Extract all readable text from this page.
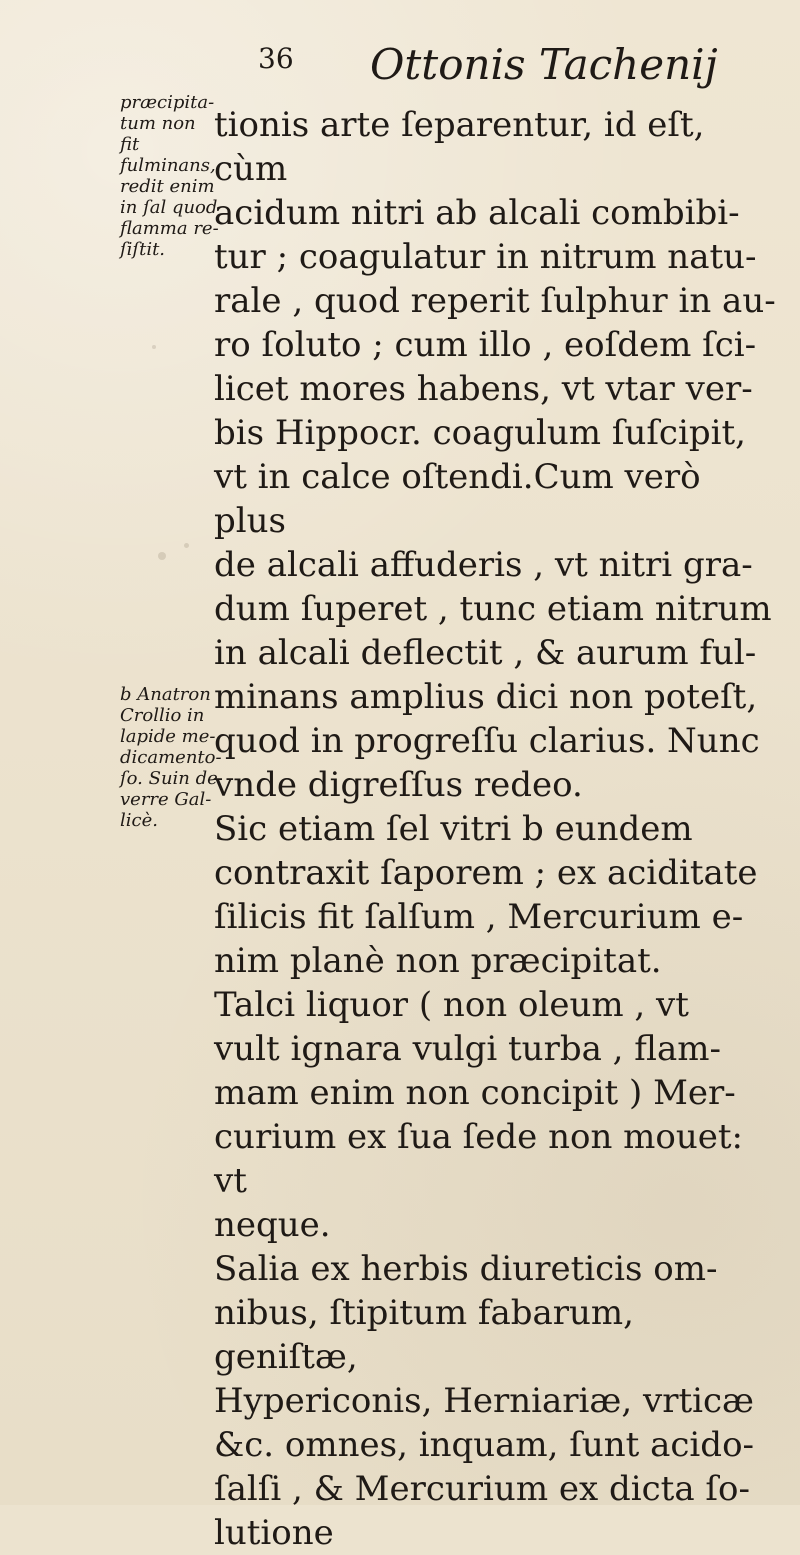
36 Ottonis Tachenij
præcipita-
tum non fit
fulminans,
redit enim
in ſal quod
flamma re-
ſiſtit.
b Anatron
Crollio in
lapide me-
dicamento-
ſo. Suin de
verre Gal-
licè.
tionis arte ſeparentur, id eſt, cùm
acidum nitri ab alcali combibi-
tur ; coagulatur in nitrum natu-
rale , quod reperit ſulphur in au-
ro ſoluto ; cum illo , eoſdem ſci-
licet mores habens, vt vtar ver-
bis Hippocr. coagulum ſuſcipit,
vt in calce oſtendi.Cum verò plus
de alcali affuderis , vt nitri gra-
dum ſuperet , tunc etiam nitrum
in alcali deflectit , & aurum ful-
minans amplius dici non poteſt,
quod in progreſſu clarius. Nunc
vnde digreſſus redeo.
Sic etiam ſel vitri b eundem
contraxit ſaporem ; ex aciditate
ſilicis fit ſalſum , Mercurium e-
nim planè non præcipitat.
Talci liquor ( non oleum , vt
vult ignara vulgi turba , flam-
mam enim non concipit ) Mer-
curium ex ſua ſede non mouet: vt
neque.
Salia ex herbis diureticis om-
nibus, ſtipitum fabarum, geniſtæ,
Hypericonis, Herniariæ, vrticæ
&c. omnes, inquam, ſunt acido-
ſalſi , & Mercurium ex dicta ſo-
lutione
